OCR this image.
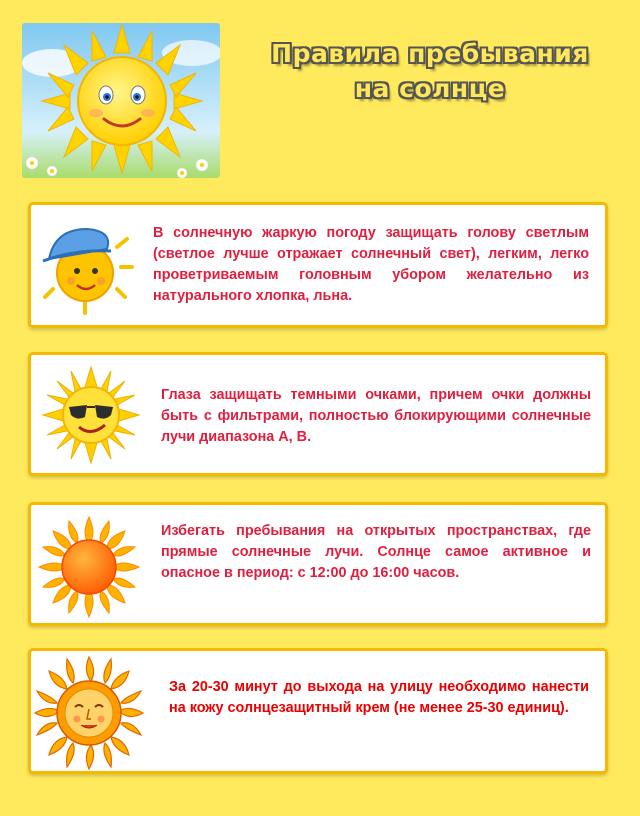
Правила пребывания
на солнце
В солнечную жаркую погоду защищать голову светлым (светлое лучше отражает солнечный свет), легким, легко проветриваемым головным убором желательно из натурального хлопка, льна.
Глаза защищать темными очками, причем очки должны быть с фильтрами, полностью блокирующими солнечные лучи диапазона А, В.
Избегать пребывания на открытых пространствах, где прямые солнечные лучи. Солнце самое активное и опасное в период: с 12:00 до 16:00 часов.
За 20-30 минут до выхода на улицу необходимо нанести на кожу солнцезащитный крем (не менее 25-30 единиц).
